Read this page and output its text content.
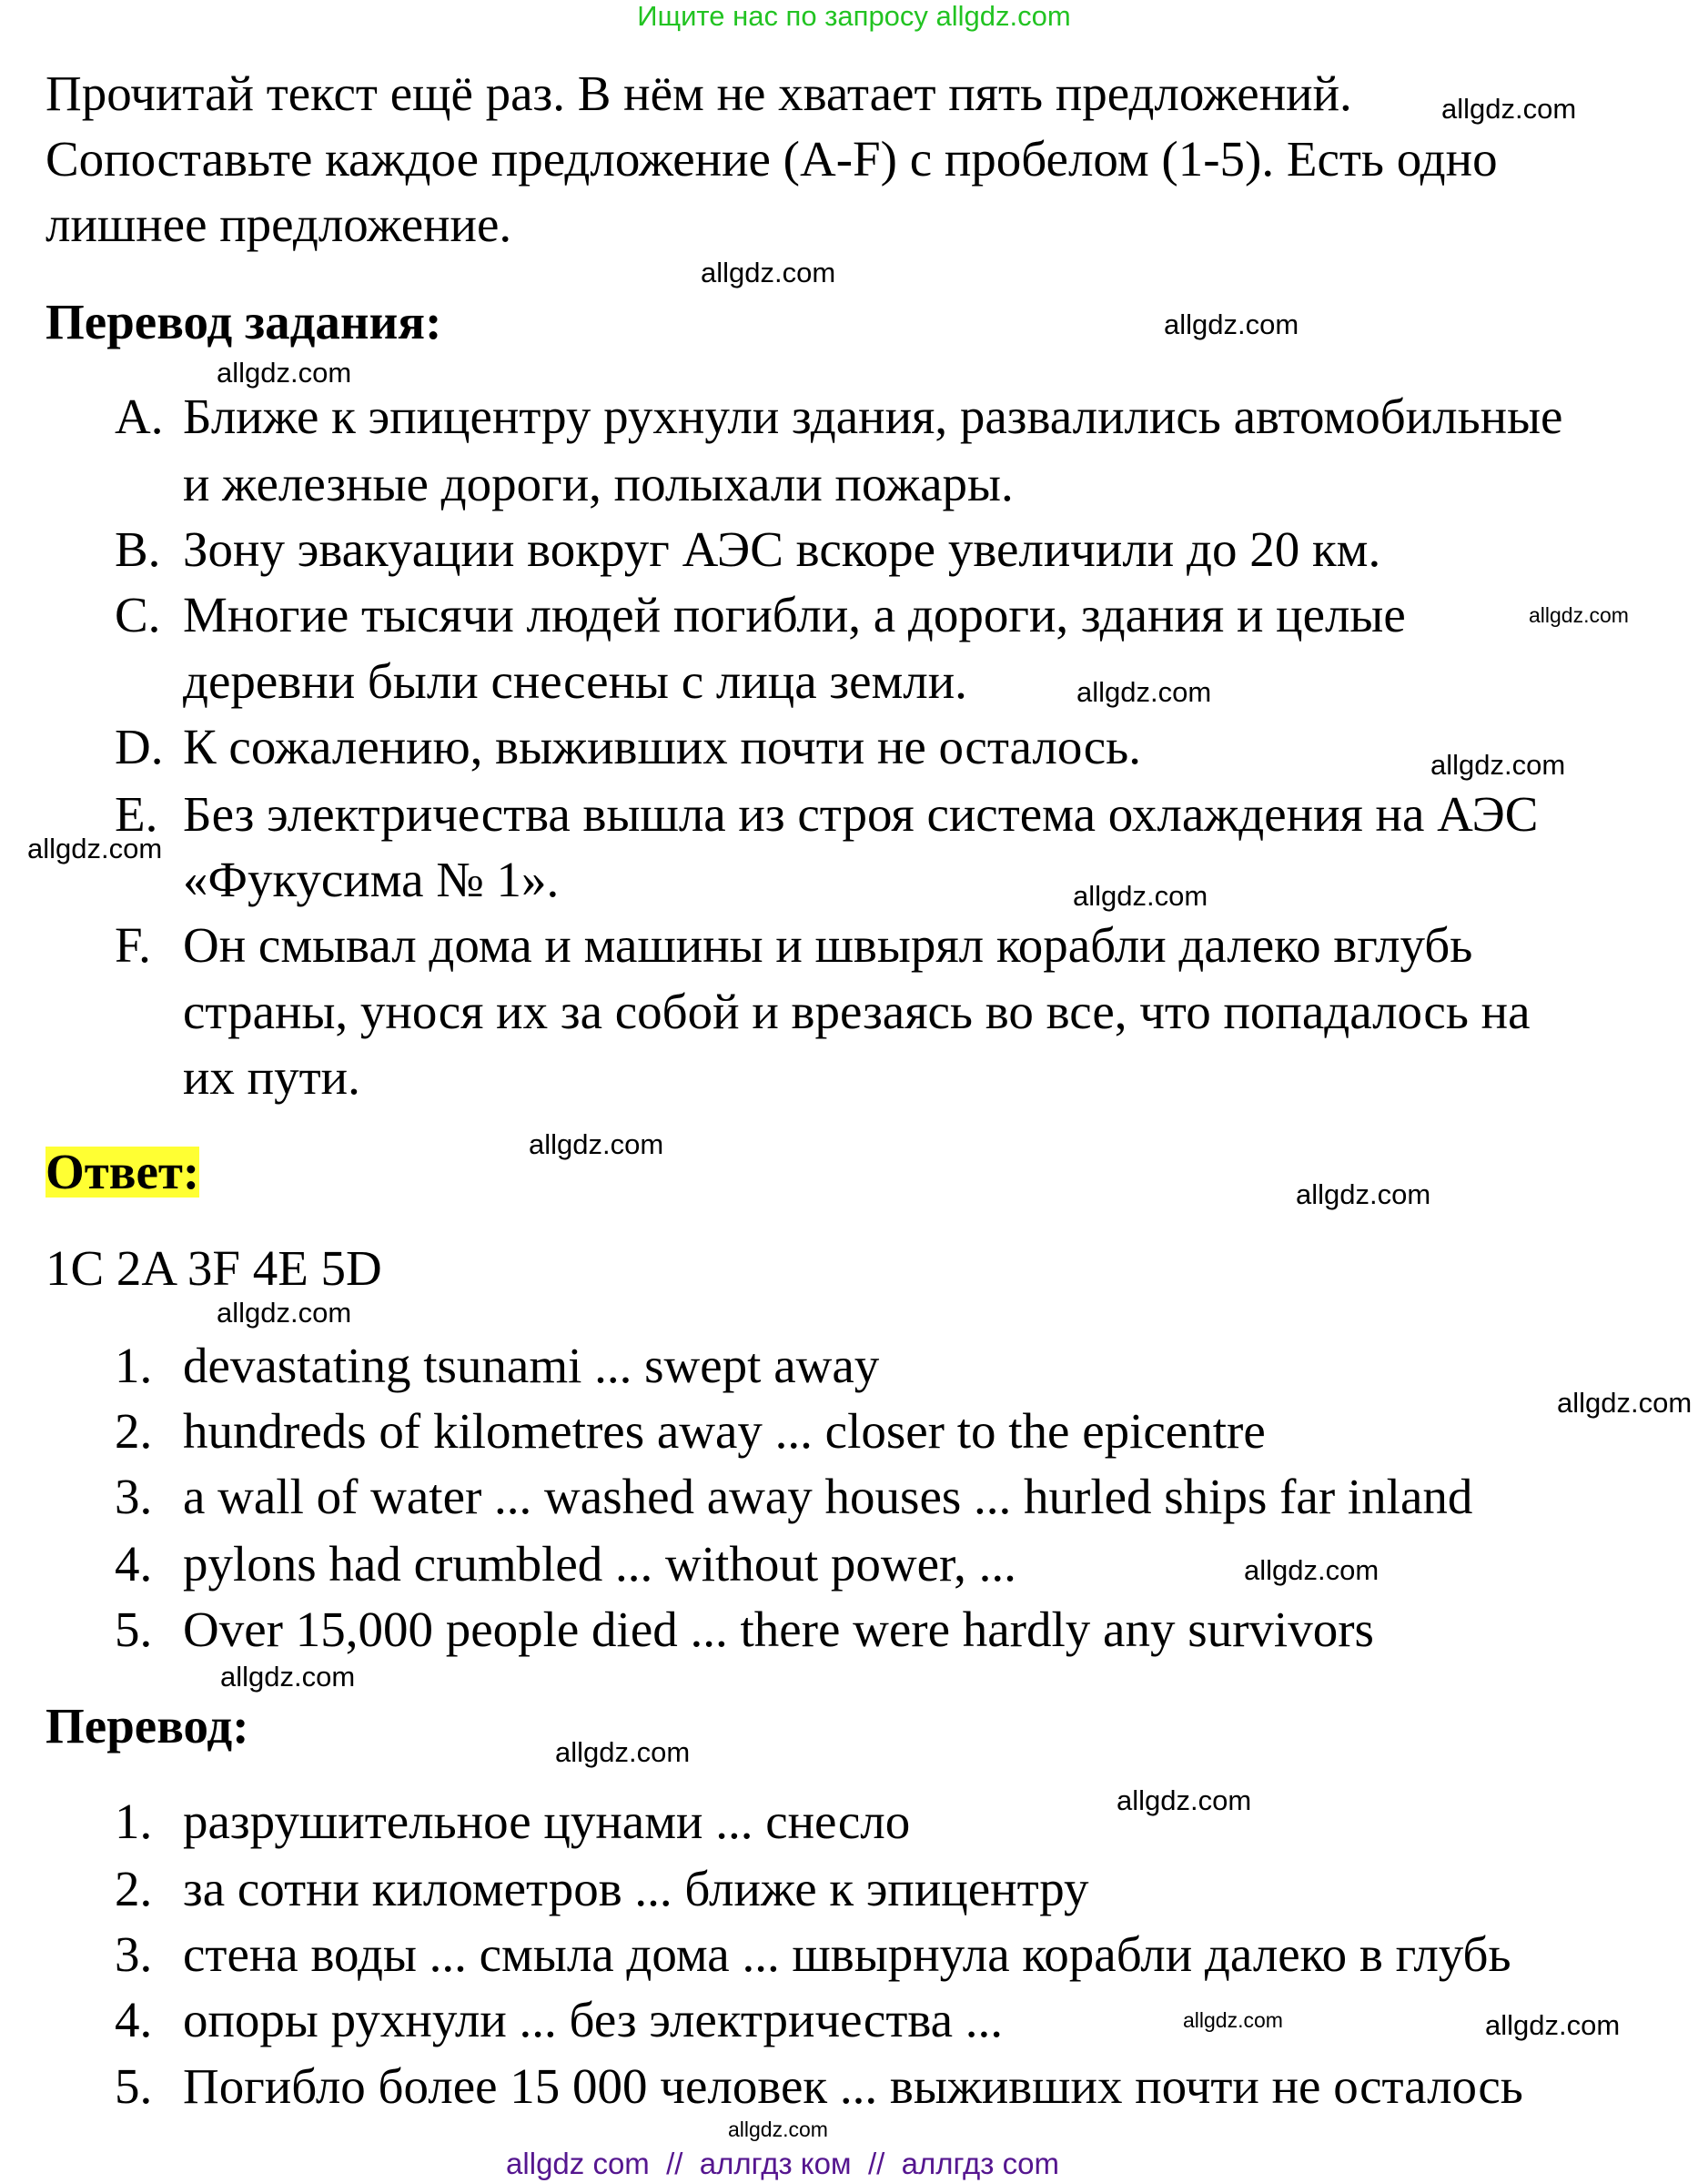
Ищите нас по запросу allgdz.com
Прочитай текст ещё раз. В нём не хватает пять предложений.
Сопоставьте каждое предложение (A-F) с пробелом (1-5). Есть одно
лишнее предложение.
Перевод задания:
A. Ближе к эпицентру рухнули здания, развалились автомобильные
и железные дороги, полыхали пожары.
B. Зону эвакуации вокруг АЭС вскоре увеличили до 20 км.
C. Многие тысячи людей погибли, а дороги, здания и целые
деревни были снесены с лица земли.
D. К сожалению, выживших почти не осталось.
E. Без электричества вышла из строя система охлаждения на АЭС
«Фукусима № 1».
F. Он смывал дома и машины и швырял корабли далеко вглубь
страны, унося их за собой и врезаясь во все, что попадалось на
их пути.
Ответ:
1C 2A 3F 4E 5D
1. devastating tsunami ... swept away
2. hundreds of kilometres away ... closer to the epicentre
3. a wall of water ... washed away houses ... hurled ships far inland
4. pylons had crumbled ... without power, ...
5. Over 15,000 people died ... there were hardly any survivors
Перевод:
1. разрушительное цунами ... снесло
2. за сотни километров ... ближе к эпицентру
3. стена воды ... смыла дома ... швырнула корабли далеко в глубь
4. опоры рухнули ... без электричества ...
5. Погибло более 15 000 человек ... выживших почти не осталось
allgdz.com
allgdz.com
allgdz.com
allgdz.com
allgdz.com
allgdz.com
allgdz.com
allgdz.com
allgdz.com
allgdz.com
allgdz.com
allgdz.com
allgdz.com
allgdz.com
allgdz.com
allgdz.com
allgdz.com
allgdz.com	allgdz.com
allgdz.com
allgdz com  //  аллгдз ком  //  аллгдз com
